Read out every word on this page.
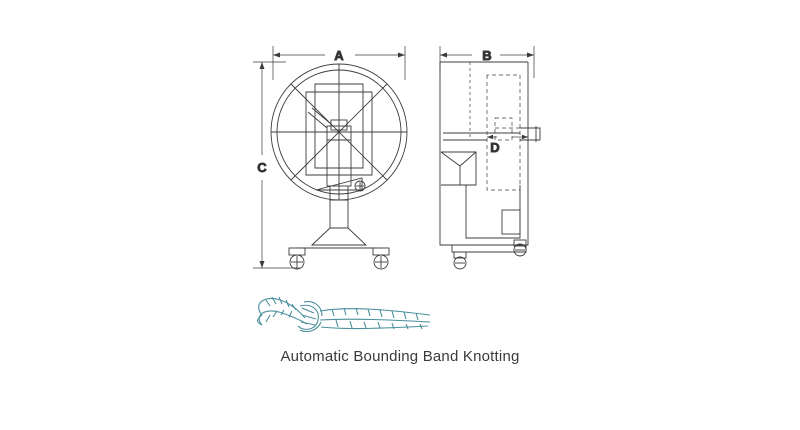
A
C
B
D
Automatic Bounding Band Knotting
